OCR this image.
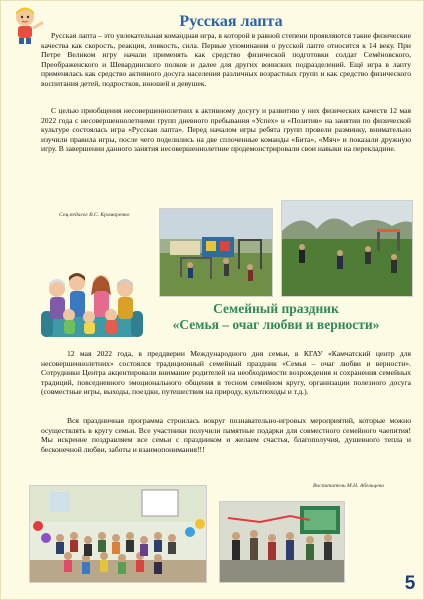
Русская лапта

Русская лапта – это увлекательная командная игра, в которой в равной степени проявляются такие физические качества как скорость, реакция, ловкость, сила. Первые упоминания о русской лапте относятся к 14 веку. При Петре Великом игру начали применять как средство физической подготовки солдат Семёновского, Преображенского и Шевардинского полков и далее для других воинских подразделений. Ещё игра в лапту применялась как средство активного досуга населения различных возрастных групп и как средство физического воспитания детей, подростков, юношей и девушек.

С целью приобщения несовершеннолетних к активному досугу и развитию у них физических качеств 12 мая 2022 года с несовершеннолетними групп дневного пребывания «Успех» и «Позитив» на занятии по физической культуре состоялась игра «Русская лапта». Перед началом игры ребята групп провели разминку, внимательно изучили правила игры, после чего поделились на две сплоченные команды «Бита», «Мяч» и показали дружную игру. В завершении данного занятия несовершеннолетние продемонстрировали свои навыки на перекладине.

Соц.педагог В.С. Крамаренко
Семейный праздник
«Семья – очаг любви и верности»

12 мая 2022 года, в преддверии Международного дня семьи, в КГАУ «Камчатский центр для несовершеннолетних» состоялся традиционный семейный праздник «Семья – очаг любви и верности». Сотрудники Центра акцентировали внимание родителей на необходимости возрождения и сохранения семейных традиций, повседневного эмоционального общения в тесном семейном кругу, организации полезного досуга (совместные игры, выходы, поездки, путешествия на природу, культпоходы и т.д.).

Вся праздничная программа строилась вокруг познавательно-игровых мероприятий, которые можно осуществлять в кругу семьи. Все участники получили памятные подарки для совместного семейного чаепития! Мы искренне поздравляем все семьи с праздником и желаем счастья, благополучия, душевного тепла и бесконечной любви, заботы и взаимопонимания!!!

Воспитатель М.Н. Абельцева
5
